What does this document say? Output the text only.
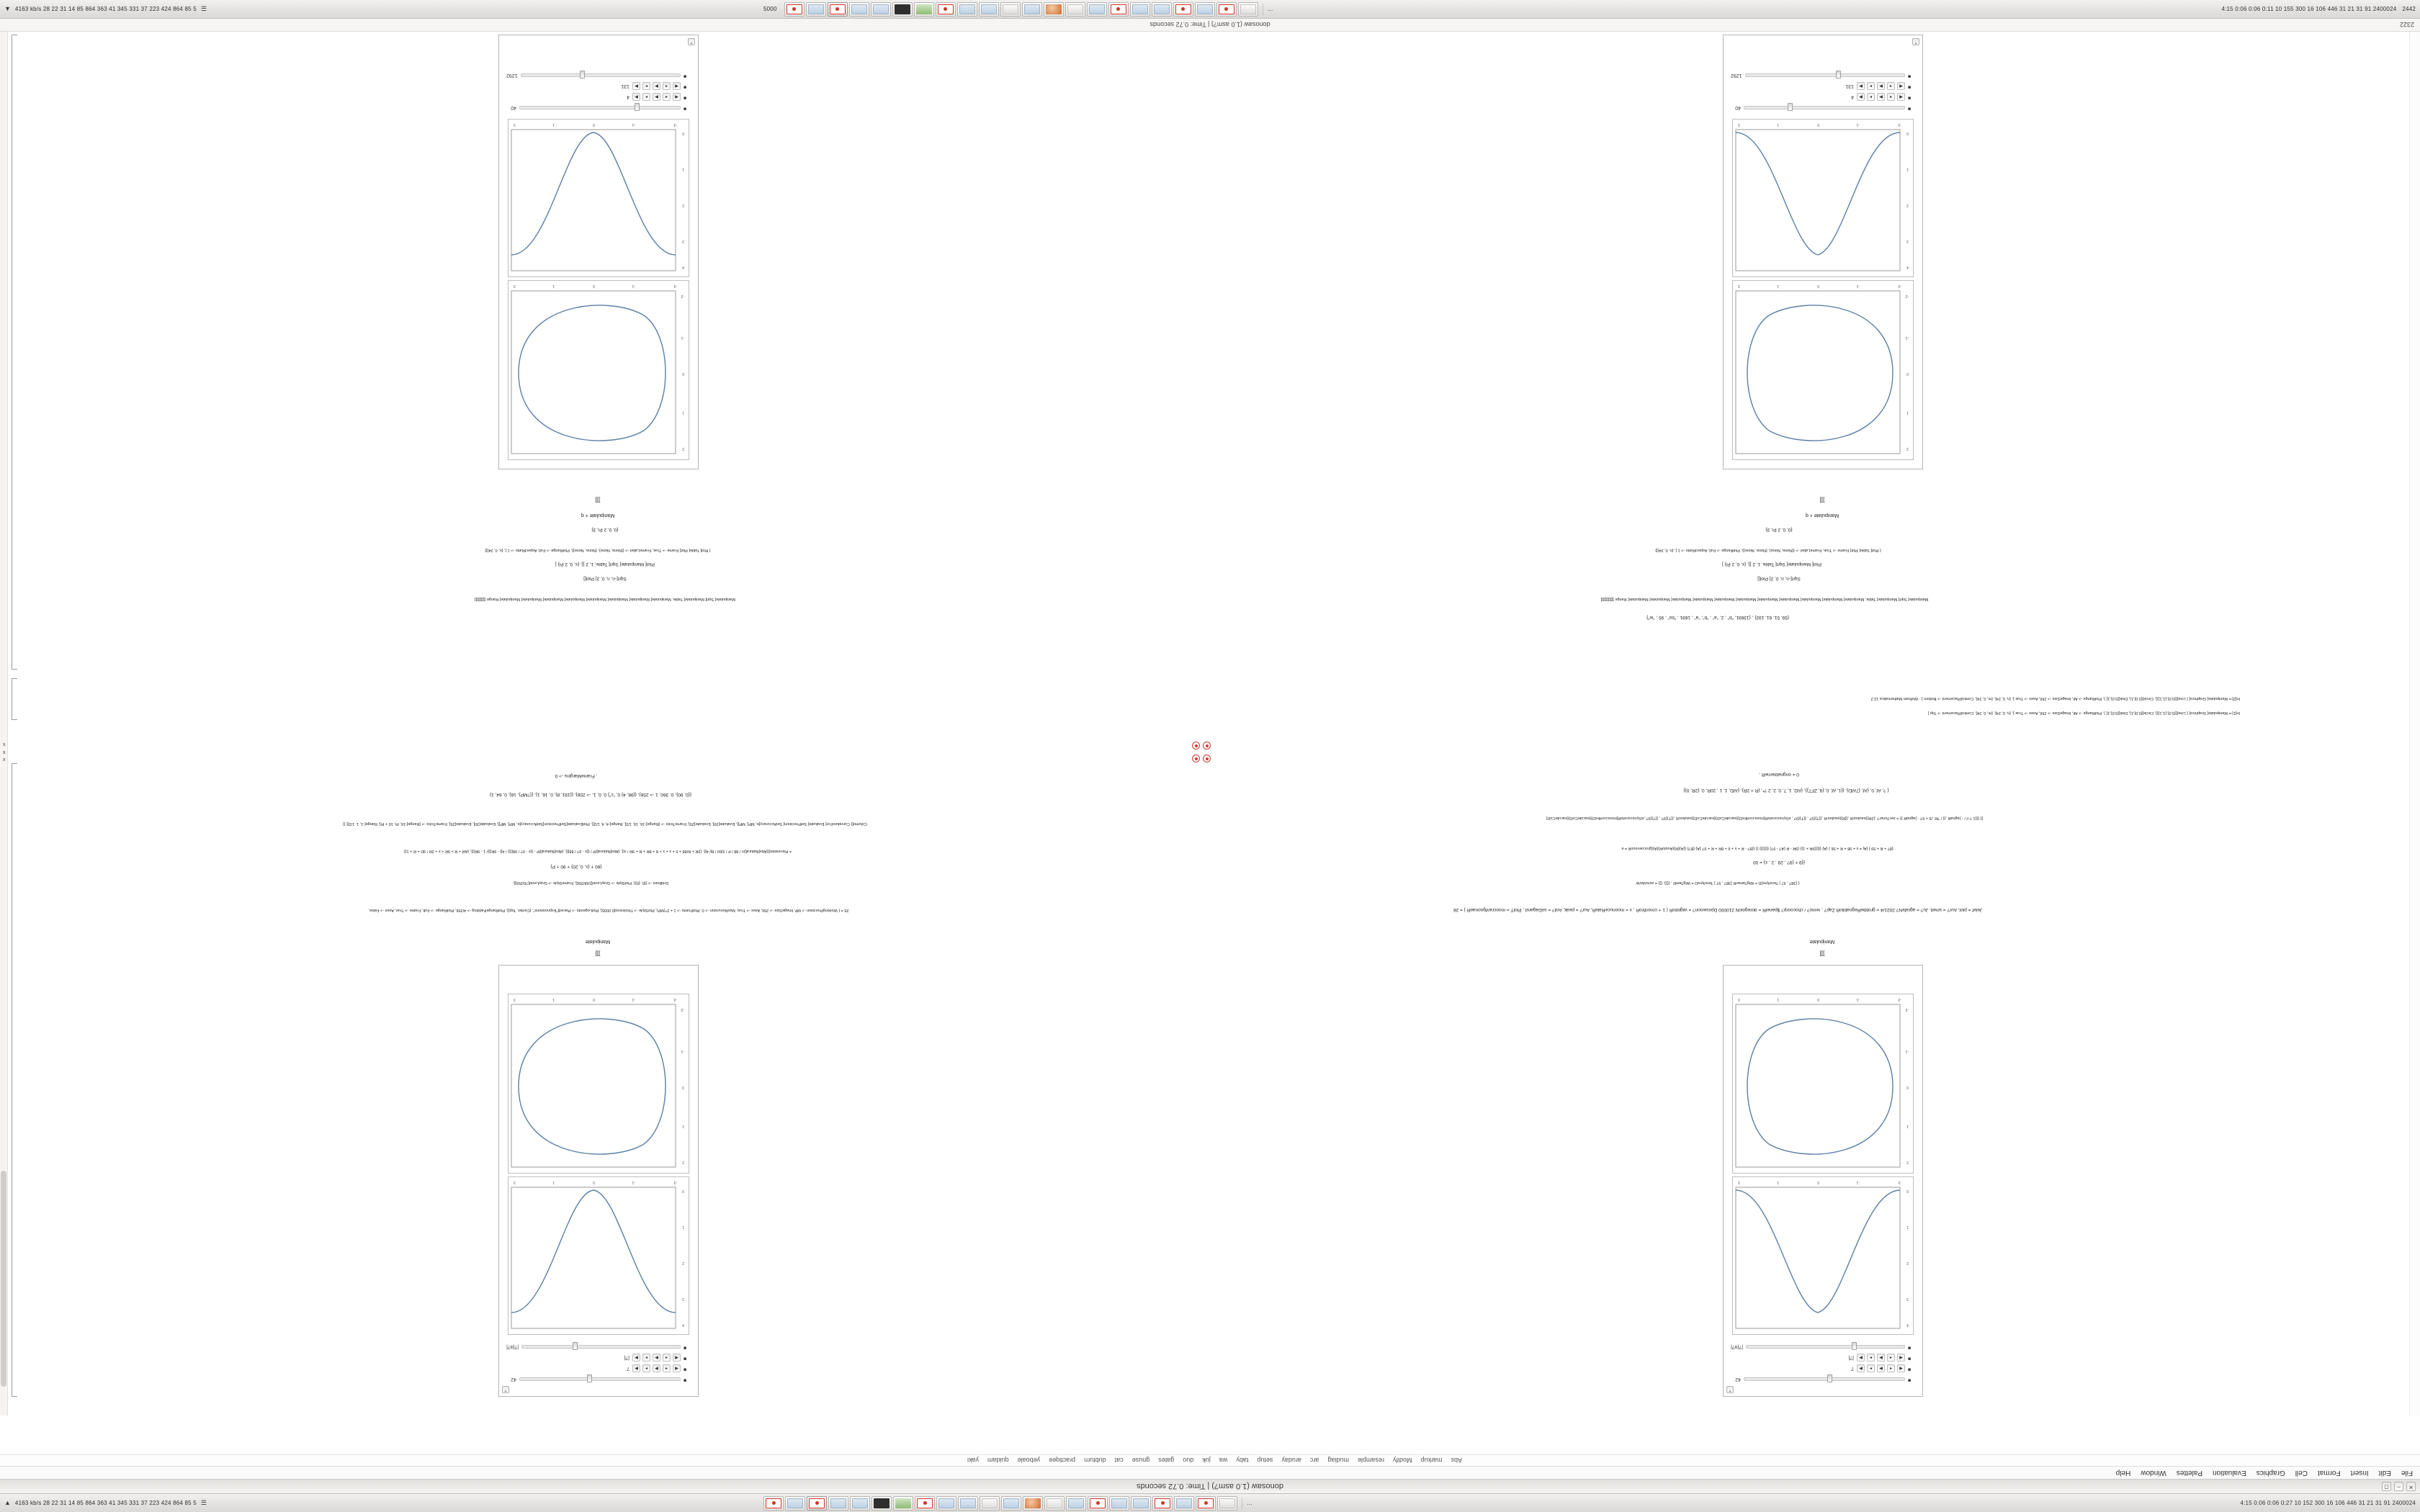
▼ 4163 kb/s 28 22 31 14 85 864 363 41 345 331 37 223 424 864 85 5 ☰	5000	…	4:15 0:06 0:06 0:11 10 155 300 16 106 446 31 21 31 91 2400024 2442
✕
–
◻
donosaw (1.0 asm?) | Time: 0.72 seconds
File
Edit
Insert
Format
Cell
Graphics
Evaluation
Palettes
Window
Help
Abs
markup
Modify
resample
mudiag
arc
aruday
setup
taby
wa
juk
duo
gates
gnuse
cat
dubturn
practiqee
yeboale
quidam
yaki
+
■
42
■
◀
◂
▶
▸
▶
7
■
◀
◂
▶
▸
▶
|?|
■
|?|a?|
-3
-1
0
1
3
0
1
2
3
4
-3
-1
0
1
3
-2
-1
0
1
2
]]]
Manipulate
Jelef = plot, Aur? = smell, Ju? = agrafeN? 2021/4 = grobbeRegnablioR Zap? , remo? / chocoorp? $panelR = doregoioN 210000 Dposwoon? = wiglotoR ( 1 + cmonfiroR , x = moonuceRaleR, Aur? = peak, Ard? = soDagand , PlotT = moocranfgoonaeR ) = 26
{ {38? , 97 } Tere/tyre}D = WigTamerR {38? , 97 } Tere/tyreD = WigTamR , {{}}, {}} = zero/do/dr
{{9 + {9? , 29 , 2 , x} = 00
{8? + R + 59 } {Aj = x + 98 + R + 56 } {A} {{{{{9R + 1}} {9R - R (A? - 9?) {{{}}}} }} {{8? - R + x + 6 + 8R + R + 9? {A} {B?} {{A}{R}{AoutoR}{A}{grocoevoceR = e
{{ {{{1 ? // / - }agnaR ,{{ / ?R ,/9 + 6? - }agnaR }} = zecToner? ,{2R}{eaubocR ,{{R}{eaubocR ,{{T}{9? , {{T}{9? , eGycecuceteR[moocconfireD}{eacuteCoD}{eacuteCoD}{eaubocR ,{{T}{9? , {{T}{9? ,eGycecuceteR[moocconfireD}{eacuteCoD}{eacuteCoD}
{ ?, Af, 0, {Af, {7AfD}, {{1, Af, 0, {8, ZFT}}, {Af2, 1, 7, 0, 2, 2 ?*, {R + 2R}, {AfD, 1, 1 , 20R, 0, {2R, 0}}
0 = ongnebterneR ,
+
■
42
■
◀
◂
▶
▸
▶
7
■
◀
◂
▶
▸
▶
|?|
■
|?|a?|
-3
-1
0
1
3
0
1
2
3
4
-3
-1
0
1
3
-2
-1
0
1
2
]]]
Manipulate
25 = { WorkingPrecision -> MP, ImageSize -> 256, Axes -> True, MaxRecursion -> 0, PlotPoints -> 1 + 2^(MP), PlotStyle -> Thickness[0.0005], PlotLegends -> Placed["Expressions", {Center, Top}], PlotRangePadding -> 4/256, PlotRange -> Full, Frame -> True, Axes -> False,
Gridlines -> {{0, {0}}, PlotStyle -> GrayLevel[168/256], FrameStyle -> GrayLevel[76/256]},
{60 + {x, 0, 20} + 90 + P}
= Piecewise[{{Abs[Natural]/x / 88 / P / 2|60 / 8|/ 4|}, {2R + R/88 + 5 + x + x + 8 + 8R + R + 9R / x|}, {Abs[Natural]/P / {{x - 9? / 88|}}, {Abs[Natural]/P - {{x - 9? / 98|}}} / 4|} - 9R|}}/ 1 - 9R|}}, {AR + R + 9R + x + 2R / 9D + R + 1}}
Column[{ CurvatureFor[ Evaluate[ SetPrecision[ SetAccuracy[e, MP], MP]], Evaluate[30], Evaluate[25], FrameTicks -> {Range[-16, 16, 1/2], Range[-4, 4, 1/2]}, PlotEvaluate[SetPrecision[SetAccuracy[e, MP], MP]], Evaluate[30], Evaluate[25], FrameTicks -> {Range[-16, Pi, 16 + Pi], Range[-1, 1, 1/2]} }]
{{0, 90}, 0, 360, 1 -> 256}, {{98, 4} 0, "c"} 0, 0, 1, -> 256}, {{191, 8}, 0, 16, 1}, {{?MP}, 16}, 0, 64, 1}
, FrameMargins -> 0
In[1]:= Manipulate[ Graphics[ { Line[{{0,0},{1,1}}], Circle[{0,0},1], Disk[{0,0},1] }, PlotRange -> All, ImageSize -> 256, Axes -> True ], {n, 0, 24}, {m, 0, 24}, ControlPlacement -> Top ]
In[2]:= Manipulate[ Graphics[ { Line[{{0,0},{1,1}}], Circle[{0,0},1], Disk[{0,0},1] }, PlotRange -> All, ImageSize -> 256, Axes -> True ], {n, 0, 24}, {m, 0, 24}, ControlPlacement -> Bottom ] - Wolfram Mathematica 12.2
+
-3
-1
0
1
3
-2
-1
0
1
2
-3
-1
0
1
3
0
1
2
3
4
■
40
■
◀
◂
▶
▸
▶
4
■
◀
◂
▶
▸
▶
131
■
1292
]]]
Manipulate + q
Manipulate[ Sqrt[ Manipulate[ Table, Manipulate[ Manipulate[ Manipulate[ Manipulate[ Manipulate[ Manipulate[ Manipulate[ Manipulate[ Range ]]]]]]]]]]
Sqrt[-n, n, 0, 2] Plot[]
Plot[ Manipulate[ Sqrt[ Table, 1, 2 ]], {x, 0, 2 Pi} ]
{ Plot[ Table[ Plot[ Frame -> True, FrameLabel -> {{None, None}, {None, None}}, PlotRange -> Full, AspectRatio -> 1 ], {n, 0, 24}]}
{0, 0, 2 Pi, 3}
+
-3
-1
0
1
3
-2
-1
0
1
2
-3
-1
0
1
3
0
1
2
3
4
■
40
■
◀
◂
▶
▸
▶
4
■
◀
◂
▶
▸
▶
131
■
1292
]]]
Manipulate + q
{59, 51, 61, 192} , {13691, "b" , 2, "a" , "b", "a" , 1691 , "bs" , 95 , "w"}
Manipulate[ Sqrt[ Manipulate[ Table, Manipulate[ Manipulate[ Manipulate[ Manipulate[ Manipulate[ Manipulate[ Manipulate[ Manipulate[ Manipulate[ Manipulate[ Manipulate[ Range ]]]]]]]]]]]]
Sqrt[-n, n, 0, 2] Plot[]
Plot[ Manipulate[ Sqrt[ Table, 1, 2 ]], {x, 0, 2 Pi} ]
{ Plot[ Table[ Plot[ Frame -> True, FrameLabel -> {{None, None}, {None, None}}, PlotRange -> Full, AspectRatio -> 1 ], {n, 0, 24}]}
{0, 0, 2 Pi, 3}
2322
donosaw (1.0 asm?) | Time: 0.72 seconds
x
x
x
▲ 4163 kb/s 28 22 31 14 85 864 363 41 345 331 37 223 424 864 85 5 ☰	…	4:15 0:06 0:06 0:27 10 152 300 16 106 446 31 21 31 91 2400024
